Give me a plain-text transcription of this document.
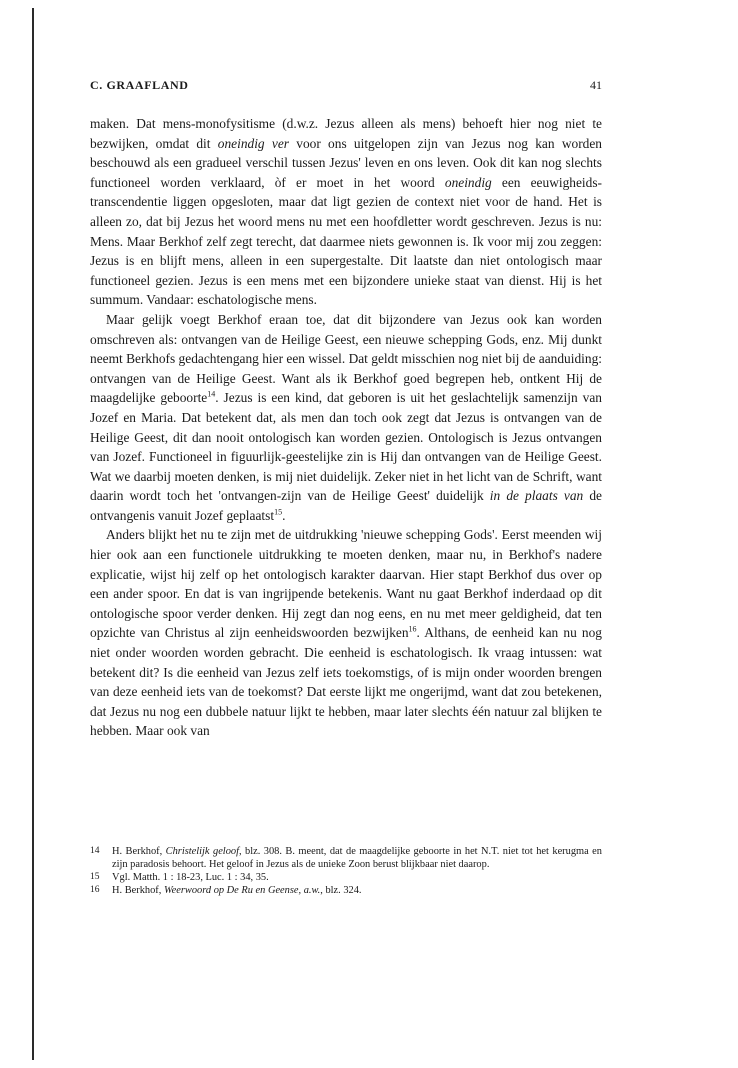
C. GRAAFLAND	41

maken. Dat mens-monofysitisme (d.w.z. Jezus alleen als mens) behoeft hier nog niet te bezwijken, omdat dit oneindig ver voor ons uitgelopen zijn van Jezus nog kan worden beschouwd als een gradueel verschil tussen Jezus' leven en ons leven. Ook dit kan nog slechts functioneel worden verklaard, òf er moet in het woord oneindig een eeuwigheids-transcendentie liggen opgesloten, maar dat ligt gezien de context niet voor de hand. Het is alleen zo, dat bij Jezus het woord mens nu met een hoofdletter wordt geschreven. Jezus is nu: Mens. Maar Berkhof zelf zegt terecht, dat daarmee niets gewonnen is. Ik voor mij zou zeggen: Jezus is en blijft mens, alleen in een supergestalte. Dit laatste dan niet ontologisch maar functioneel gezien. Jezus is een mens met een bijzondere unieke staat van dienst. Hij is het summum. Vandaar: eschatologische mens.

Maar gelijk voegt Berkhof eraan toe, dat dit bijzondere van Jezus ook kan worden omschreven als: ontvangen van de Heilige Geest, een nieuwe schepping Gods, enz. Mij dunkt neemt Berkhofs gedachtengang hier een wissel. Dat geldt misschien nog niet bij de aanduiding: ontvangen van de Heilige Geest. Want als ik Berkhof goed begrepen heb, ontkent Hij de maagdelijke geboorte$^{14}$. Jezus is een kind, dat geboren is uit het geslachtelijk samenzijn van Jozef en Maria. Dat betekent dat, als men dan toch ook zegt dat Jezus is ontvangen van de Heilige Geest, dit dan nooit ontologisch kan worden gezien. Ontologisch is Jezus ontvangen van Jozef. Functioneel in figuurlijk-geestelijke zin is Hij dan ontvangen van de Heilige Geest. Wat we daarbij moeten denken, is mij niet duidelijk. Zeker niet in het licht van de Schrift, want daarin wordt toch het 'ontvangen-zijn van de Heilige Geest' duidelijk in de plaats van de ontvangenis vanuit Jozef geplaatst$^{15}$.

Anders blijkt het nu te zijn met de uitdrukking 'nieuwe schepping Gods'. Eerst meenden wij hier ook aan een functionele uitdrukking te moeten denken, maar nu, in Berkhof's nadere explicatie, wijst hij zelf op het ontologisch karakter daarvan. Hier stapt Berkhof dus over op een ander spoor. En dat is van ingrijpende betekenis. Want nu gaat Berkhof inderdaad op dit ontologische spoor verder denken. Hij zegt dan nog eens, en nu met meer geldigheid, dat ten opzichte van Christus al zijn eenheidswoorden bezwijken$^{16}$. Althans, de eenheid kan nu nog niet onder woorden worden gebracht. Die eenheid is eschatologisch. Ik vraag intussen: wat betekent dit? Is die eenheid van Jezus zelf iets toekomstigs, of is mijn onder woorden brengen van deze eenheid iets van de toekomst? Dat eerste lijkt me ongerijmd, want dat zou betekenen, dat Jezus nu nog een dubbele natuur lijkt te hebben, maar later slechts één natuur zal blijken te hebben. Maar ook van

14	H. Berkhof, Christelijk geloof, blz. 308. B. meent, dat de maagdelijke geboorte in het N.T. niet tot het kerugma en zijn paradosis behoort. Het geloof in Jezus als de unieke Zoon berust blijkbaar niet daarop.
15	Vgl. Matth. 1 : 18-23, Luc. 1 : 34, 35.
16	H. Berkhof, Weerwoord op De Ru en Geense, a.w., blz. 324.
